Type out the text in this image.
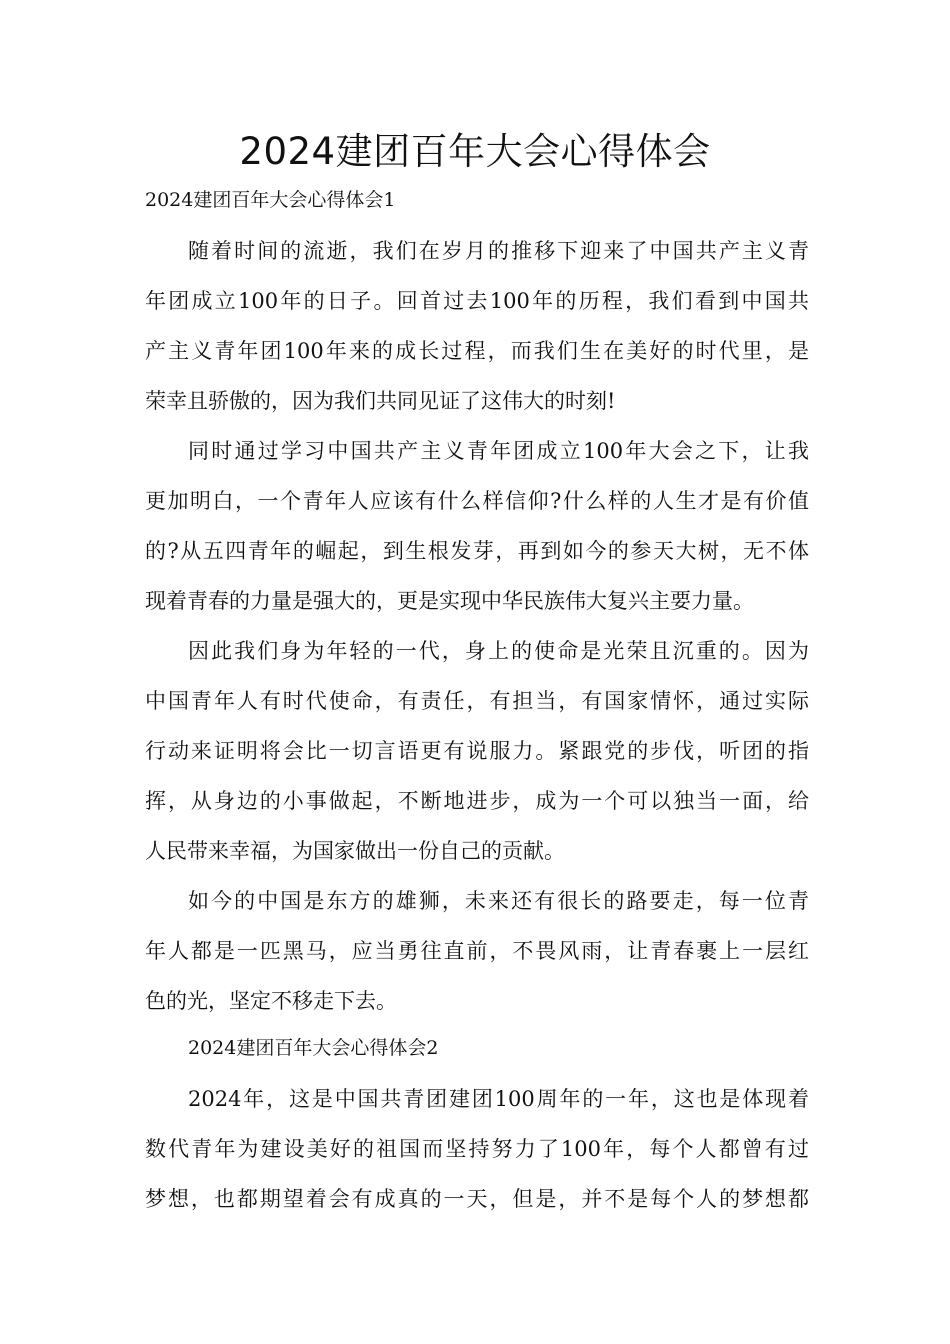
2024建团百年大会心得体会

2024建团百年大会心得体会1

随着时间的流逝，我们在岁月的推移下迎来了中国共产主义青
年团成立100年的日子。回首过去100年的历程，我们看到中国共
产主义青年团100年来的成长过程，而我们生在美好的时代里，是
荣幸且骄傲的，因为我们共同见证了这伟大的时刻!

同时通过学习中国共产主义青年团成立100年大会之下，让我
更加明白，一个青年人应该有什么样信仰?什么样的人生才是有价值
的?从五四青年的崛起，到生根发芽，再到如今的参天大树，无不体
现着青春的力量是强大的，更是实现中华民族伟大复兴主要力量。

因此我们身为年轻的一代，身上的使命是光荣且沉重的。因为
中国青年人有时代使命，有责任，有担当，有国家情怀，通过实际
行动来证明将会比一切言语更有说服力。紧跟党的步伐，听团的指
挥，从身边的小事做起，不断地进步，成为一个可以独当一面，给
人民带来幸福，为国家做出一份自己的贡献。

如今的中国是东方的雄狮，未来还有很长的路要走，每一位青
年人都是一匹黑马，应当勇往直前，不畏风雨，让青春裹上一层红
色的光，坚定不移走下去。

2024建团百年大会心得体会2

2024年，这是中国共青团建团100周年的一年，这也是体现着
数代青年为建设美好的祖国而坚持努力了100年，每个人都曾有过
梦想，也都期望着会有成真的一天，但是，并不是每个人的梦想都
